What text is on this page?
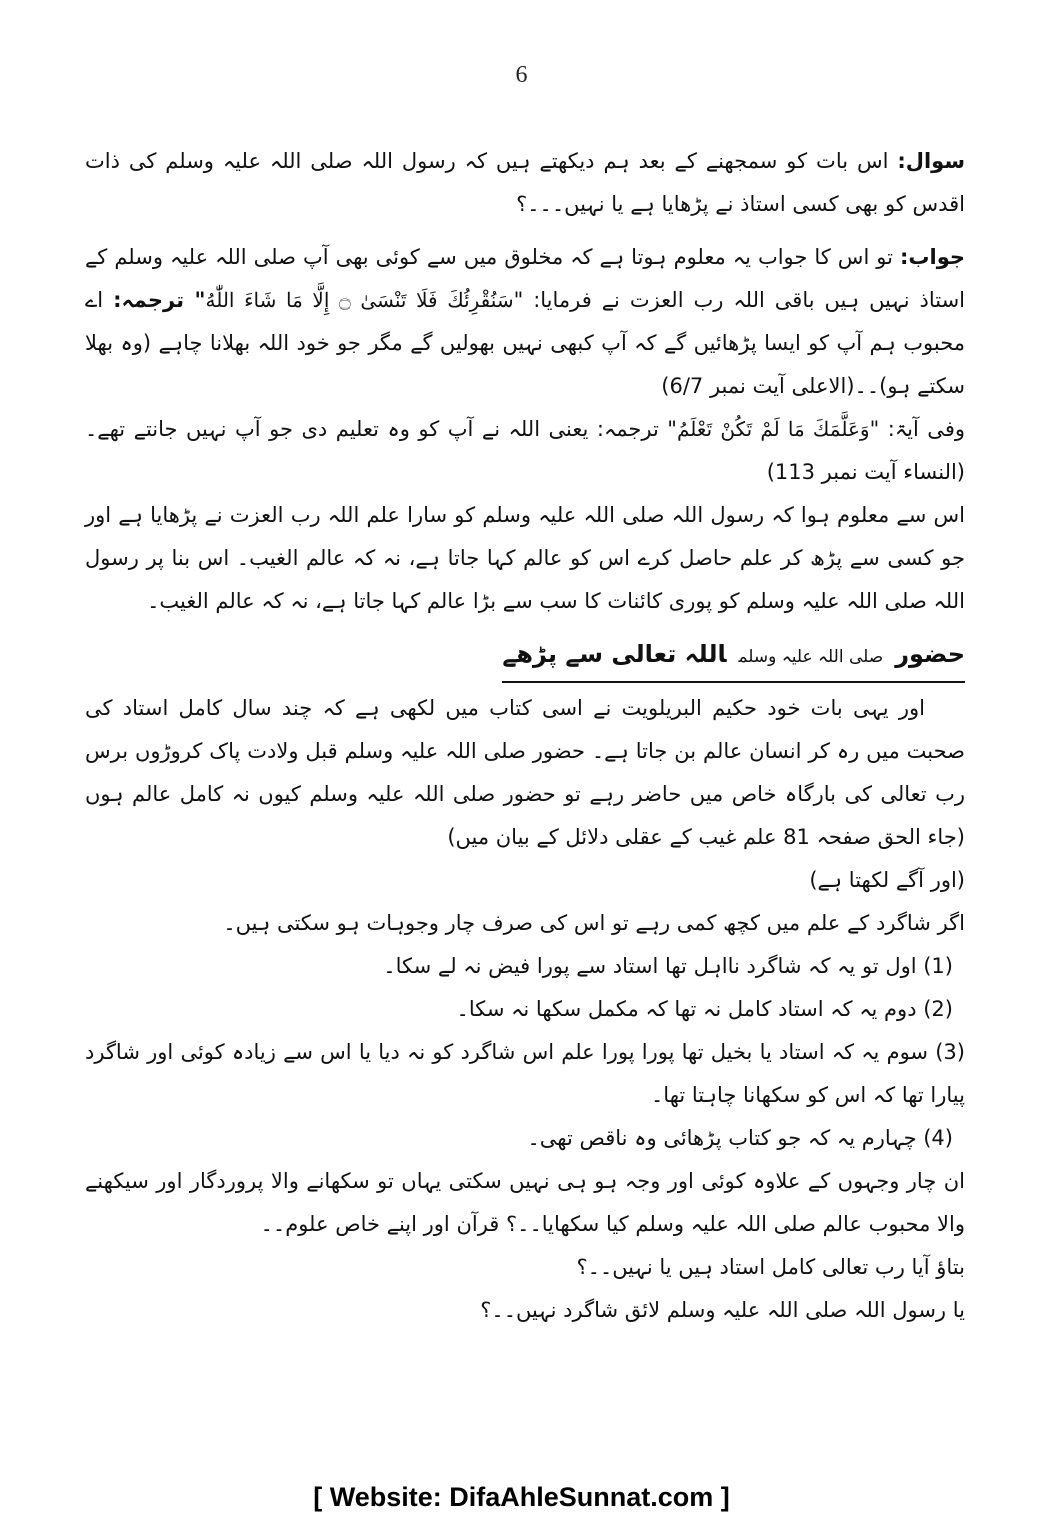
6

سوال: اس بات کو سمجھنے کے بعد ہم دیکھتے ہیں کہ رسول اللہ صلی اللہ علیہ وسلم کی ذات اقدس کو بھی کسی استاذ نے پڑھایا ہے یا نہیں۔۔۔؟

جواب: تو اس کا جواب یہ معلوم ہوتا ہے کہ مخلوق میں سے کوئی بھی آپ صلی اللہ علیہ وسلم کے استاذ نہیں ہیں باقی اللہ رب العزت نے فرمایا: "سَنُقْرِئُكَ فَلَا تَنْسَىٰ ۝ إِلَّا مَا شَاءَ اللّٰهُ" ترجمہ: اے محبوب ہم آپ کو ایسا پڑھائیں گے کہ آپ کبھی نہیں بھولیں گے مگر جو خود اللہ بھلانا چاہے (وہ بھلا سکتے ہو)۔۔(الاعلی آیت نمبر 6/7)

وفی آیۃ: "وَعَلَّمَكَ مَا لَمْ تَكُنْ تَعْلَمُ" ترجمہ: یعنی اللہ نے آپ کو وہ تعلیم دی جو آپ نہیں جانتے تھے۔(النساء آیت نمبر 113)

اس سے معلوم ہوا کہ رسول اللہ صلی اللہ علیہ وسلم کو سارا علم اللہ رب العزت نے پڑھایا ہے اور جو کسی سے پڑھ کر علم حاصل کرے اس کو عالم کہا جاتا ہے، نہ کہ عالم الغیب۔ اس بنا پر رسول اللہ صلی اللہ علیہ وسلم کو پوری کائنات کا سب سے بڑا عالم کہا جاتا ہے، نہ کہ عالم الغیب۔

حضورصلی اللہ علیہ وسلماللہ تعالی سے پڑھے

اور یہی بات خود حکیم البریلویت نے اسی کتاب میں لکھی ہے کہ چند سال کامل استاد کی صحبت میں رہ کر انسان عالم بن جاتا ہے۔ حضور صلی اللہ علیہ وسلم قبل ولادت پاک کروڑوں برس رب تعالی کی بارگاہ خاص میں حاضر رہے تو حضور صلی اللہ علیہ وسلم کیوں نہ کامل عالم ہوں (جاء الحق صفحہ 81 علم غیب کے عقلی دلائل کے بیان میں)

(اور آگے لکھتا ہے)

اگر شاگرد کے علم میں کچھ کمی رہے تو اس کی صرف چار وجوہات ہو سکتی ہیں۔

(1) اول تو یہ کہ شاگرد نااہل تھا استاد سے پورا فیض نہ لے سکا۔

(2) دوم یہ کہ استاد کامل نہ تھا کہ مکمل سکھا نہ سکا۔

(3) سوم یہ کہ استاد یا بخیل تھا پورا پورا علم اس شاگرد کو نہ دیا یا اس سے زیادہ کوئی اور شاگرد پیارا تھا کہ اس کو سکھانا چاہتا تھا۔

(4) چہارم یہ کہ جو کتاب پڑھائی وہ ناقص تھی۔

ان چار وجہوں کے علاوہ کوئی اور وجہ ہو ہی نہیں سکتی یہاں تو سکھانے والا پروردگار اور سیکھنے والا محبوب عالم صلی اللہ علیہ وسلم کیا سکھایا۔۔؟ قرآن اور اپنے خاص علوم۔۔

بتاؤ آیا رب تعالی کامل استاد ہیں یا نہیں۔۔؟

یا رسول اللہ صلی اللہ علیہ وسلم لائق شاگرد نہیں۔۔؟

[ Website: DifaAhleSunnat.com ]
